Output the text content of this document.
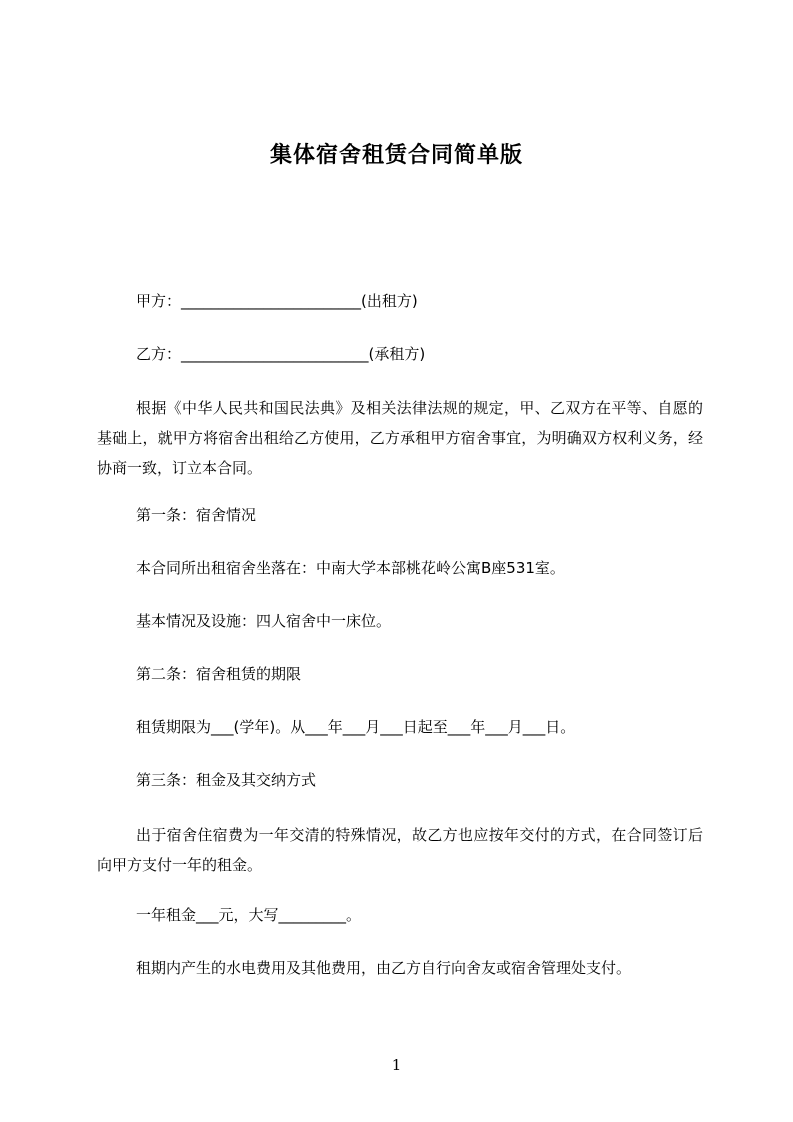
集体宿舍租赁合同简单版
甲方：________________________(出租方)
乙方：_________________________(承租方)
根据《中华人民共和国民法典》及相关法律法规的规定，甲、乙双方在平等、自愿的基础上，就甲方将宿舍出租给乙方使用，乙方承租甲方宿舍事宜，为明确双方权利义务，经协商一致，订立本合同。
第一条：宿舍情况
本合同所出租宿舍坐落在：中南大学本部桃花岭公寓B座531室。
基本情况及设施：四人宿舍中一床位。
第二条：宿舍租赁的期限
租赁期限为___(学年)。从___年___月___日起至___年___月___日。
第三条：租金及其交纳方式
出于宿舍住宿费为一年交清的特殊情况，故乙方也应按年交付的方式，在合同签订后向甲方支付一年的租金。
一年租金___元，大写_________。
租期内产生的水电费用及其他费用，由乙方自行向舍友或宿舍管理处支付。
1
